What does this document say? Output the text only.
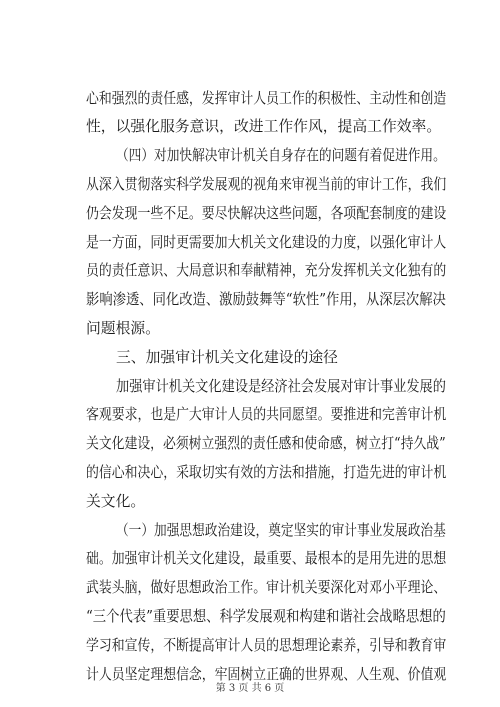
心和强烈的责任感，发挥审计人员工作的积极性、主动性和创造
性，以强化服务意识，改进工作作风，提高工作效率。
（四）对加快解决审计机关自身存在的问题有着促进作用。
从深入贯彻落实科学发展观的视角来审视当前的审计工作，我们
仍会发现一些不足。要尽快解决这些问题，各项配套制度的建设
是一方面，同时更需要加大机关文化建设的力度，以强化审计人
员的责任意识、大局意识和奉献精神，充分发挥机关文化独有的
影响渗透、同化改造、激励鼓舞等“软性”作用，从深层次解决
问题根源。
三、加强审计机关文化建设的途径
加强审计机关文化建设是经济社会发展对审计事业发展的
客观要求，也是广大审计人员的共同愿望。要推进和完善审计机
关文化建设，必须树立强烈的责任感和使命感，树立打“持久战”
的信心和决心，采取切实有效的方法和措施，打造先进的审计机
关文化。
（一）加强思想政治建设，奠定坚实的审计事业发展政治基
础。加强审计机关文化建设，最重要、最根本的是用先进的思想
武装头脑，做好思想政治工作。审计机关要深化对邓小平理论、
“三个代表”重要思想、科学发展观和构建和谐社会战略思想的
学习和宣传，不断提高审计人员的思想理论素养，引导和教育审
计人员坚定理想信念，牢固树立正确的世界观、人生观、价值观
第 3 页 共 6 页
